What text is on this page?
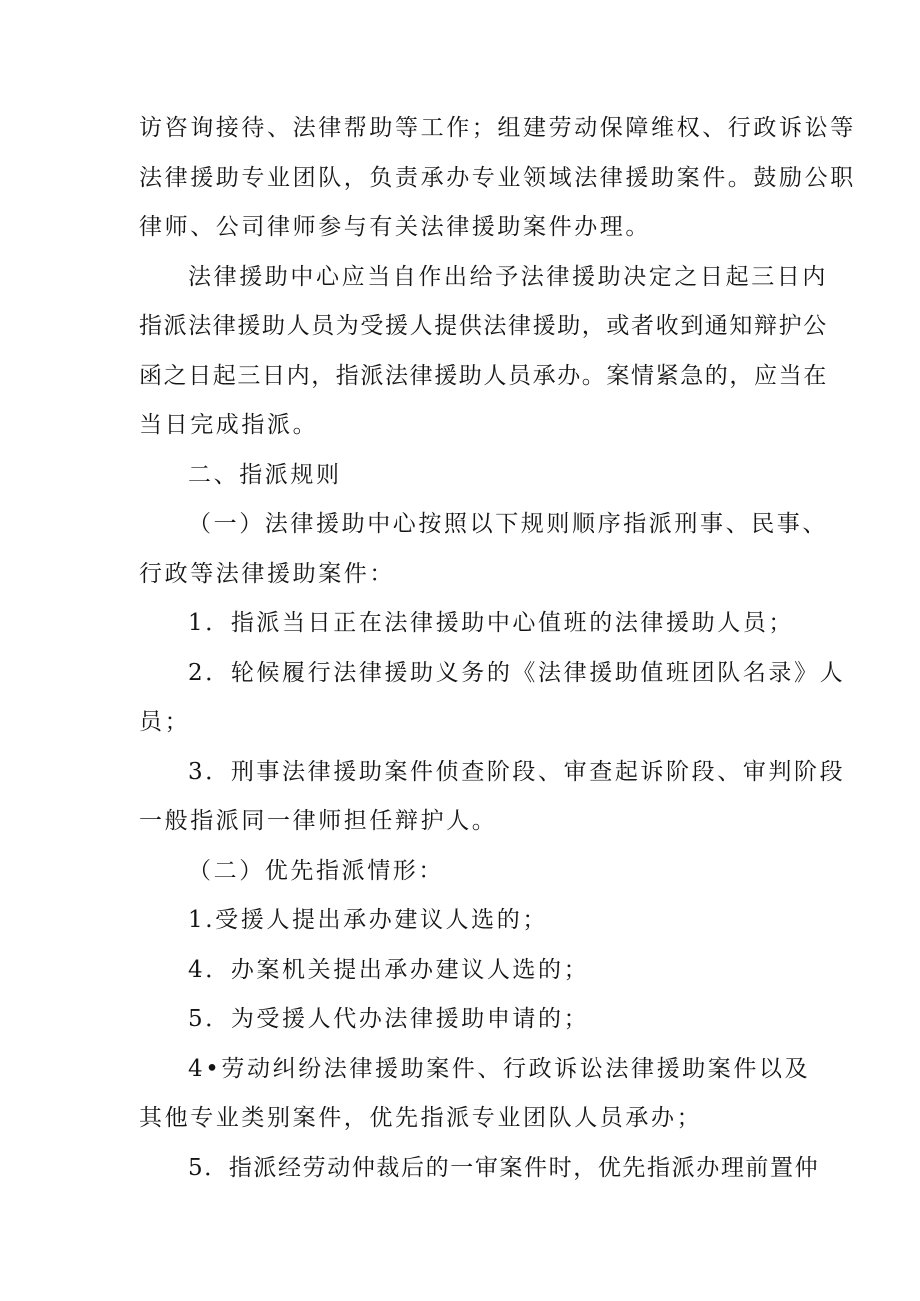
访咨询接待、法律帮助等工作；组建劳动保障维权、行政诉讼等
法律援助专业团队，负责承办专业领域法律援助案件。鼓励公职
律师、公司律师参与有关法律援助案件办理。
法律援助中心应当自作出给予法律援助决定之日起三日内
指派法律援助人员为受援人提供法律援助，或者收到通知辩护公
函之日起三日内，指派法律援助人员承办。案情紧急的，应当在
当日完成指派。
二、指派规则
（一）法律援助中心按照以下规则顺序指派刑事、民事、
行政等法律援助案件：
1．指派当日正在法律援助中心值班的法律援助人员；
2．轮候履行法律援助义务的《法律援助值班团队名录》人
员；
3．刑事法律援助案件侦查阶段、审查起诉阶段、审判阶段
一般指派同一律师担任辩护人。
（二）优先指派情形：
1.受援人提出承办建议人选的；
4．办案机关提出承办建议人选的；
5．为受援人代办法律援助申请的；
4•劳动纠纷法律援助案件、行政诉讼法律援助案件以及
其他专业类别案件，优先指派专业团队人员承办；
5．指派经劳动仲裁后的一审案件时，优先指派办理前置仲
